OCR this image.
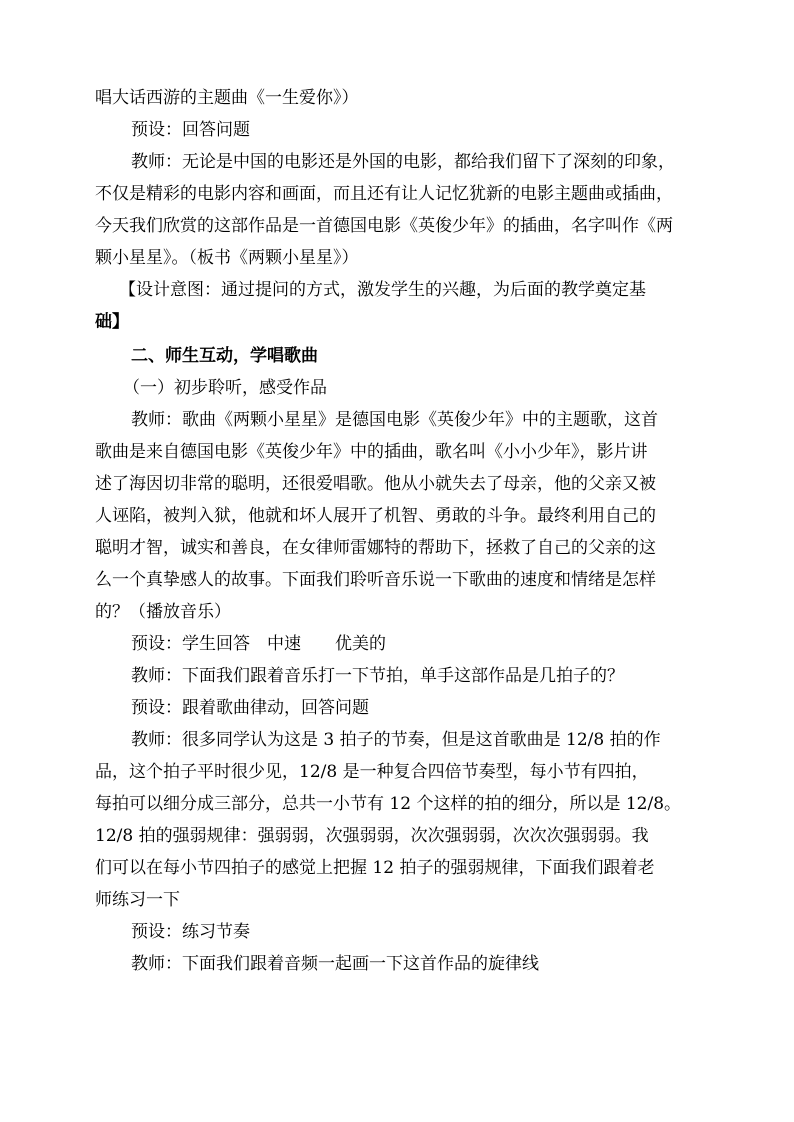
唱大话西游的主题曲《一生爱你》）
预设：回答问题
教师：无论是中国的电影还是外国的电影，都给我们留下了深刻的印象，
不仅是精彩的电影内容和画面，而且还有让人记忆犹新的电影主题曲或插曲，
今天我们欣赏的这部作品是一首德国电影《英俊少年》的插曲，名字叫作《两
颗小星星》。（板书《两颗小星星》）
【设计意图：通过提问的方式，激发学生的兴趣，为后面的教学奠定基
础】
二、师生互动，学唱歌曲
（一）初步聆听，感受作品
教师：歌曲《两颗小星星》是德国电影《英俊少年》中的主题歌，这首
歌曲是来自德国电影《英俊少年》中的插曲，歌名叫《小小少年》，影片讲
述了海因切非常的聪明，还很爱唱歌。他从小就失去了母亲，他的父亲又被
人诬陷，被判入狱，他就和坏人展开了机智、勇敢的斗争。最终利用自己的
聪明才智，诚实和善良，在女律师雷娜特的帮助下，拯救了自己的父亲的这
么一个真挚感人的故事。下面我们聆听音乐说一下歌曲的速度和情绪是怎样
的？（播放音乐）
预设：学生回答　中速　　优美的
教师：下面我们跟着音乐打一下节拍，单手这部作品是几拍子的？
预设：跟着歌曲律动，回答问题
教师：很多同学认为这是 3 拍子的节奏，但是这首歌曲是 12/8 拍的作
品，这个拍子平时很少见，12/8 是一种复合四倍节奏型，每小节有四拍，
每拍可以细分成三部分，总共一小节有 12 个这样的拍的细分，所以是 12/8。
12/8 拍的强弱规律：强弱弱，次强弱弱，次次强弱弱，次次次强弱弱。我
们可以在每小节四拍子的感觉上把握 12 拍子的强弱规律，下面我们跟着老
师练习一下
预设：练习节奏
教师：下面我们跟着音频一起画一下这首作品的旋律线
